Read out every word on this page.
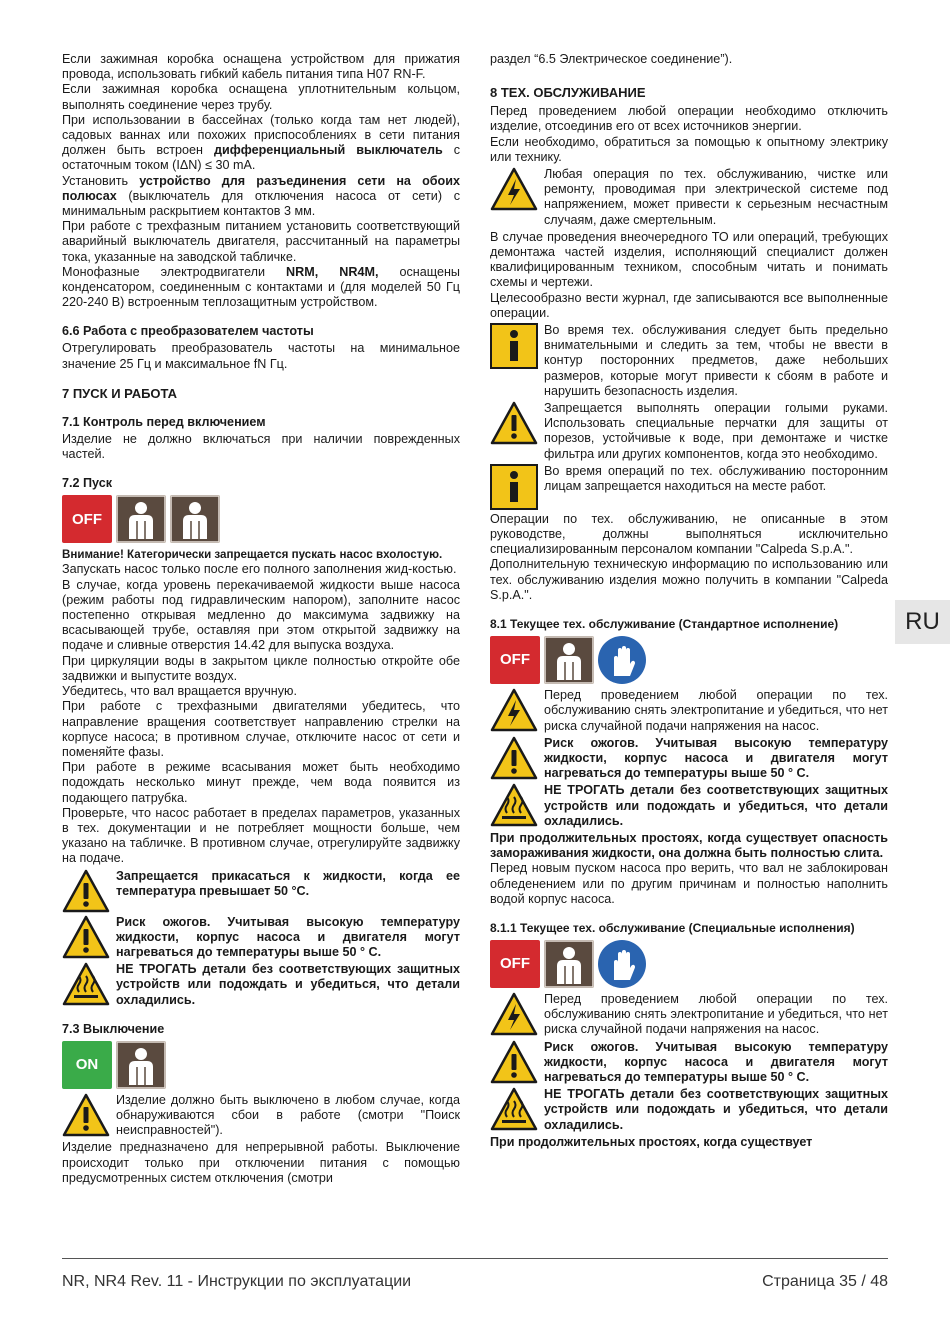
Если зажимная коробка оснащена устройством для прижатия провода, использовать гибкий кабель питания типа H07 RN-F.

Если зажимная коробка оснащена уплотнительным кольцом, выполнять соединение через трубу.

При использовании в бассейнах (только когда там нет людей), садовых ваннах или похожих приспособлениях в сети питания должен быть встроен дифференциальный выключатель с остаточным током (IΔN) ≤ 30 mA.

Установить устройство для разъединения сети на обоих полюсах (выключатель для отключения насоса от сети) с минимальным раскрытием контактов 3 мм.

При работе с трехфазным питанием установить соответствующий аварийный выключатель двигателя, рассчитанный на параметры тока, указанные на заводской табличке.

Монофазные электродвигатели NRM, NR4M, оснащены конденсатором, соединенным с контактами и (для моделей 50 Гц 220-240 В) встроенным теплозащитным устройством.

6.6 Работа с преобразователем частоты

Отрегулировать преобразователь частоты на минимальное значение 25 Гц и максимальное fN Гц.

7 ПУСК И РАБОТА
7.1 Контроль перед включением

Изделие не должно включаться при наличии поврежденных частей.

7.2 Пуск
OFF

Внимание! Категорически запрещается пускать насос вхолостую.

Запускать насос только после его полного заполнения жид-костью.

В случае, когда уровень перекачиваемой жидкости выше насоса (режим работы под гидравлическим напором), заполните насос постепенно открывая медленно до максимума задвижку на всасывающей трубе, оставляя при этом открытой задвижку на подаче и сливные отверстия 14.42 для выпуска воздуха.

При циркуляции воды в закрытом цикле полностью откройте обе задвижки и выпустите воздух.

Убедитесь, что вал вращается вручную.

При работе с трехфазными двигателями убедитесь, что направление вращения соответствует направлению стрелки на корпусе насоса; в противном случае, отключите насос от сети и поменяйте фазы.

При работе в режиме всасывания может быть необходимо подождать несколько минут прежде, чем вода появится из подающего патрубка.

Проверьте, что насос работает в пределах параметров, указанных в тех. документации и не потребляет мощности больше, чем указано на табличке. В противном случае, отрегулируйте задвижку на подаче.

Запрещается прикасаться к жидкости, когда ее температура превышает 50 °C.

Риск ожогов. Учитывая высокую температуру жидкости, корпус насоса и двигателя могут нагреваться до температуры выше 50 ° C.

НЕ ТРОГАТЬ детали без соответствующих защитных устройств или подождать и убедиться, что детали охладились.

7.3 Выключение
ON

Изделие должно быть выключено в любом случае, когда обнаруживаются сбои в работе (смотри "Поиск неисправностей").

Изделие предназначено для непрерывной работы. Выключение происходит только при отключении питания с помощью предусмотренных систем отключения (смотри

раздел “6.5 Электрическое соединение”).

8 ТЕХ. ОБСЛУЖИВАНИЕ

Перед проведением любой операции необходимо отключить изделие, отсоединив его от всех источников энергии.

Если необходимо, обратиться за помощью к опытному электрику или технику.

Любая операция по тех. обслуживанию, чистке или ремонту, проводимая при электрической системе под напряжением, может привести к серьезным несчастным случаям, даже смертельным.

В случае проведения внеочередного ТО или операций, требующих демонтажа частей изделия, исполняющий специалист должен квалифицированным техником, способным читать и понимать схемы и чертежи.

Целесообразно вести журнал, где записываются все выполненные операции.

Во время тех. обслуживания следует быть предельно внимательными и следить за тем, чтобы не ввести в контур посторонних предметов, даже небольших размеров, которые могут привести к сбоям в работе и нарушить безопасность изделия.

Запрещается выполнять операции голыми руками. Использовать специальные перчатки для защиты от порезов, устойчивые к воде, при демонтаже и чистке фильтра или других компонентов, когда это необходимо.

Во время операций по тех. обслуживанию посторонним лицам запрещается находиться на месте работ.

Операции по тех. обслуживанию, не описанные в этом руководстве, должны выполняться исключительно специализированным персоналом компании "Calpeda S.p.A.".

Дополнительную техническую информацию по использованию или тех. обслуживанию изделия можно получить в компании "Calpeda S.p.A.".

8.1 Текущее тех. обслуживание (Стандартное исполнение)
OFF

Перед проведением любой операции по тех. обслуживанию снять электропитание и убедиться, что нет риска случайной подачи напряжения на насос.

Риск ожогов. Учитывая высокую температуру жидкости, корпус насоса и двигателя могут нагреваться до температуры выше 50 ° C.

НЕ ТРОГАТЬ детали без соответствующих защитных устройств или подождать и убедиться, что детали охладились.

При продолжительных простоях, когда существует опасность замораживания жидкости, она должна быть полностью слита.

Перед новым пуском насоса про верить, что вал не заблокирован обледенением или по другим причинам и полностью наполнить водой корпус насоса.

8.1.1 Текущее тех. обслуживание (Специальные исполнения)
OFF

Перед проведением любой операции по тех. обслуживанию снять электропитание и убедиться, что нет риска случайной подачи напряжения на насос.

Риск ожогов. Учитывая высокую температуру жидкости, корпус насоса и двигателя могут нагреваться до температуры выше 50 ° C.

НЕ ТРОГАТЬ детали без соответствующих защитных устройств или подождать и убедиться, что детали охладились.

При продолжительных простоях, когда существует

RU
NR, NR4 Rev. 11 - Инструкции по эксплуатации	Страница 35 / 48
